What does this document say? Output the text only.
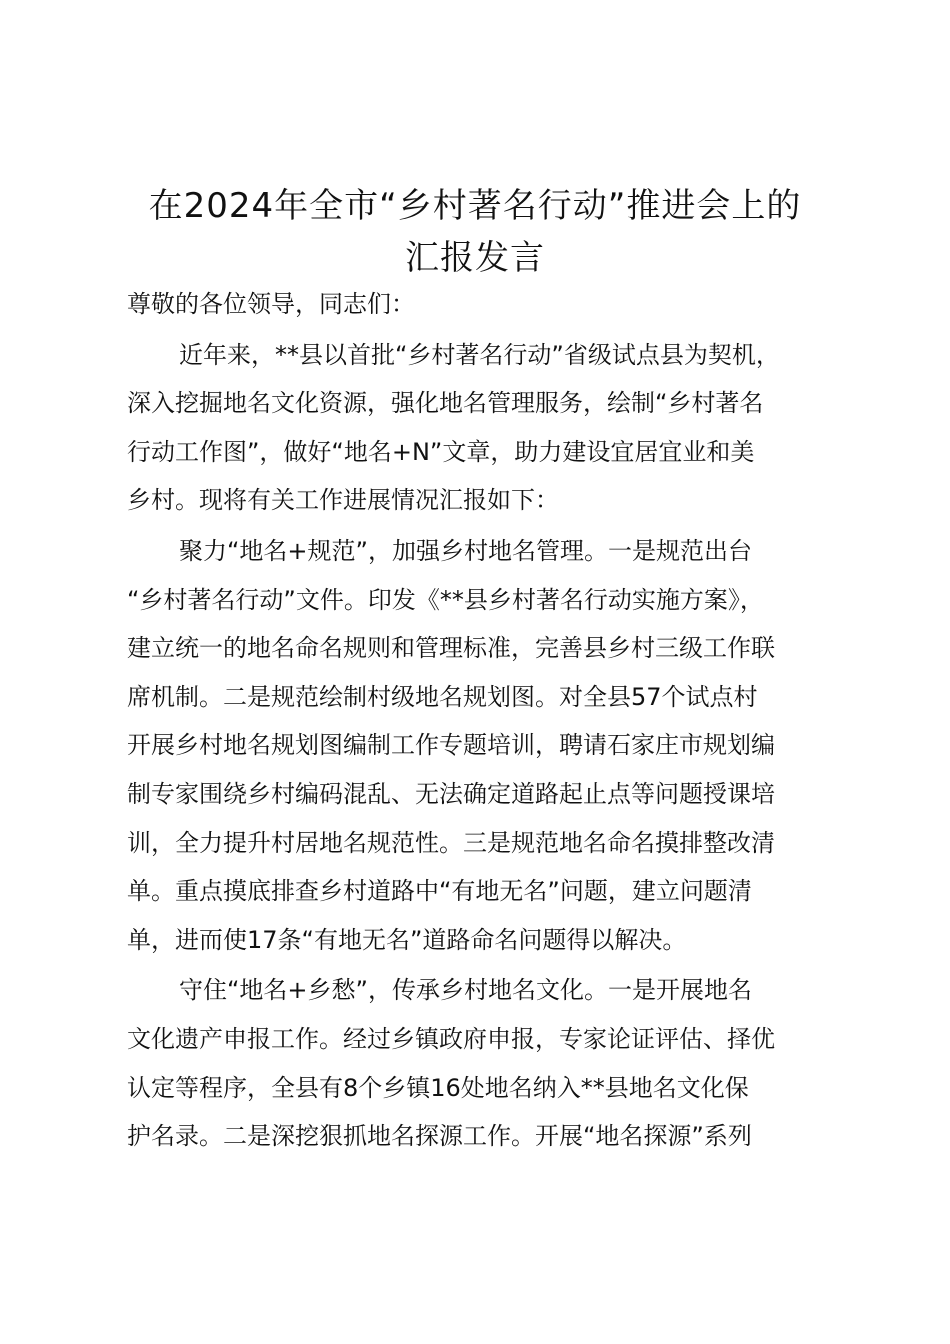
在2024年全市“乡村著名行动”推进会上的
汇报发言
尊敬的各位领导，同志们：
近年来，**县以首批“乡村著名行动”省级试点县为契机，
深入挖掘地名文化资源，强化地名管理服务，绘制“乡村著名
行动工作图”，做好“地名+N”文章，助力建设宜居宜业和美
乡村。现将有关工作进展情况汇报如下：
聚力“地名+规范”，加强乡村地名管理。一是规范出台
“乡村著名行动”文件。印发《**县乡村著名行动实施方案》，
建立统一的地名命名规则和管理标准，完善县乡村三级工作联
席机制。二是规范绘制村级地名规划图。对全县57个试点村
开展乡村地名规划图编制工作专题培训，聘请石家庄市规划编
制专家围绕乡村编码混乱、无法确定道路起止点等问题授课培
训，全力提升村居地名规范性。三是规范地名命名摸排整改清
单。重点摸底排查乡村道路中“有地无名”问题，建立问题清
单，进而使17条“有地无名”道路命名问题得以解决。
守住“地名+乡愁”，传承乡村地名文化。一是开展地名
文化遗产申报工作。经过乡镇政府申报，专家论证评估、择优
认定等程序，全县有8个乡镇16处地名纳入**县地名文化保
护名录。二是深挖狠抓地名探源工作。开展“地名探源”系列
